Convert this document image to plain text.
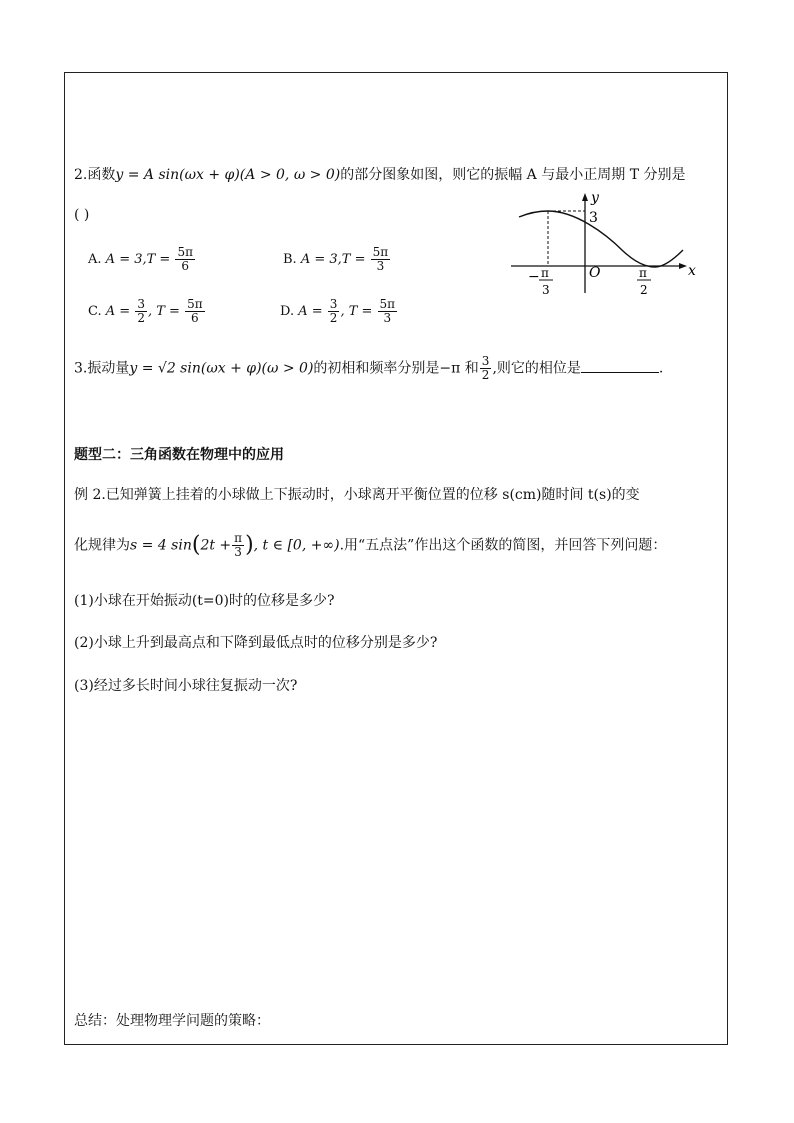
2.函数y = A sin(ωx + φ)(A > 0, ω > 0)的部分图象如图，则它的振幅 A 与最小正周期 T 分别是
( )
A. $A = 3,T = \frac{5\pi}{6}$	B. $A = 3,T = \frac{5\pi}{3}$
C. $A = \frac{3}{2}$ , $T = \frac{5\pi}{6}$	D. $A = \frac{3}{2}$ , $T = \frac{5\pi}{3}$
y
x
3
O
− π
3
π
2
3.振动量y = √2 sin(ωx + φ)(ω > 0)的初相和频率分别是−π 和 $\frac{3}{2}$ ,则它的相位是	.
题型二：三角函数在物理中的应用
例 2.已知弹簧上挂着的小球做上下振动时，小球离开平衡位置的位移 s(cm)随时间 t(s)的变
化规律为s = 4 $\sin(2t + \frac{\pi}{3}$ ), t ∈ [0, +∞).用“五点法”作出这个函数的简图，并回答下列问题：
(1)小球在开始振动(t=0)时的位移是多少?
(2)小球上升到最高点和下降到最低点时的位移分别是多少?
(3)经过多长时间小球往复振动一次?
总结：处理物理学问题的策略：
